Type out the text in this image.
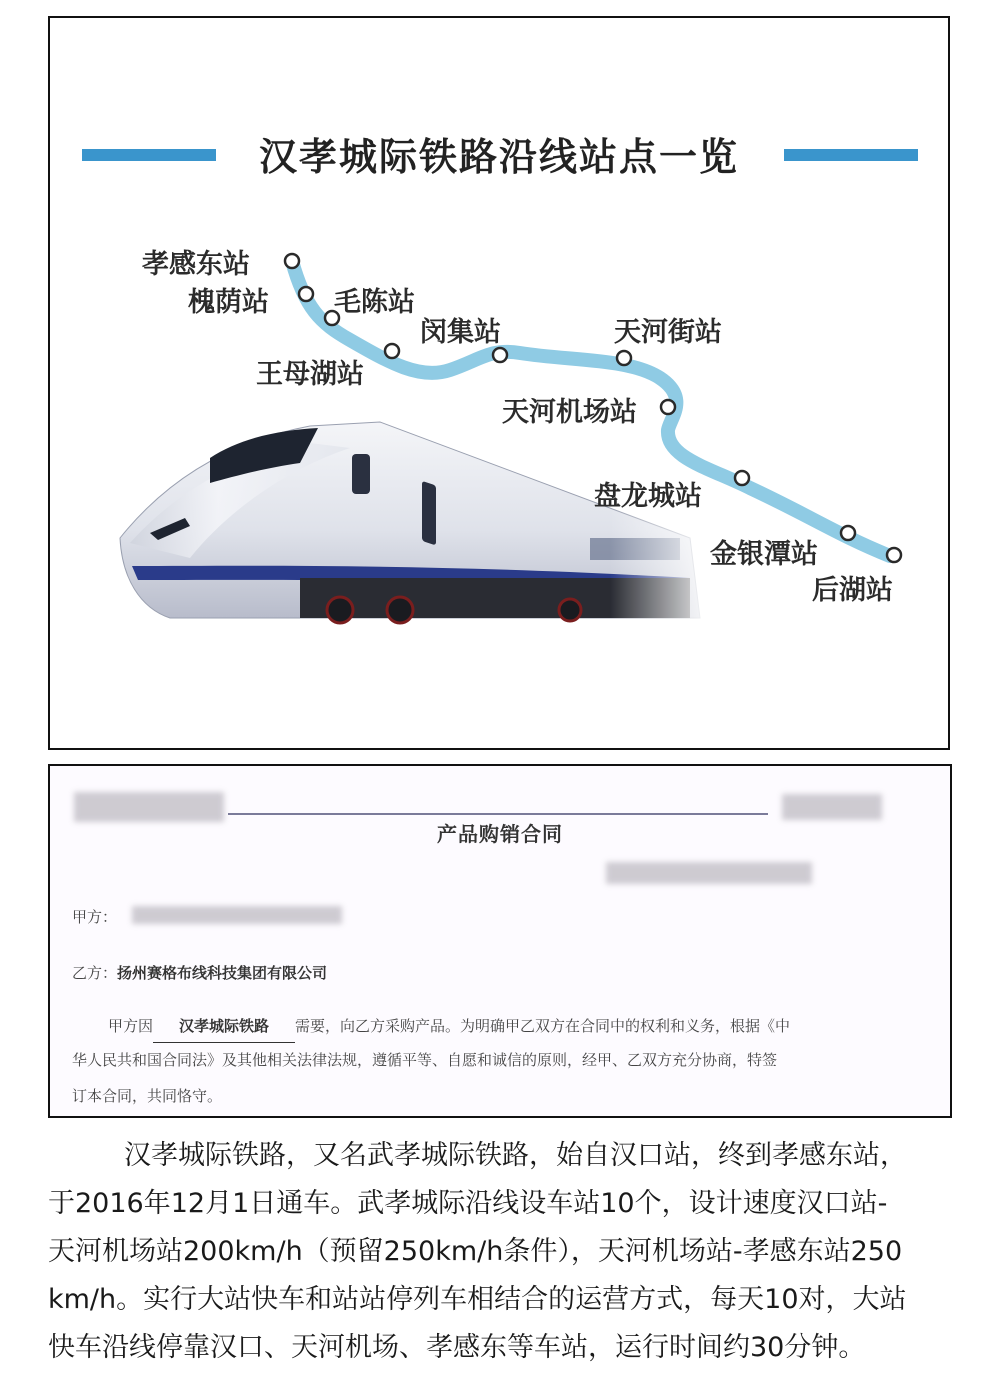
汉孝城际铁路沿线站点一览
孝感东站
槐荫站 毛陈站
王母湖站
闵集站	天河街站
天河机场站
盘龙城站
金银潭站
后湖站
产品购销合同
甲方：
乙方：扬州赛格布线科技集团有限公司
甲方因 汉孝城际铁路 需要，向乙方采购产品。为明确甲乙双方在合同中的权利和义务，根据《中
华人民共和国合同法》及其他相关法律法规，遵循平等、自愿和诚信的原则，经甲、乙双方充分协商，特签
订本合同，共同恪守。
汉孝城际铁路，又名武孝城际铁路，始自汉口站，终到孝感东站，
于2016年12月1日通车。武孝城际沿线设车站10个，设计速度汉口站-
天河机场站200km/h（预留250km/h条件），天河机场站-孝感东站250
km/h。实行大站快车和站站停列车相结合的运营方式，每天10对，大站
快车沿线停靠汉口、天河机场、孝感东等车站，运行时间约30分钟。
